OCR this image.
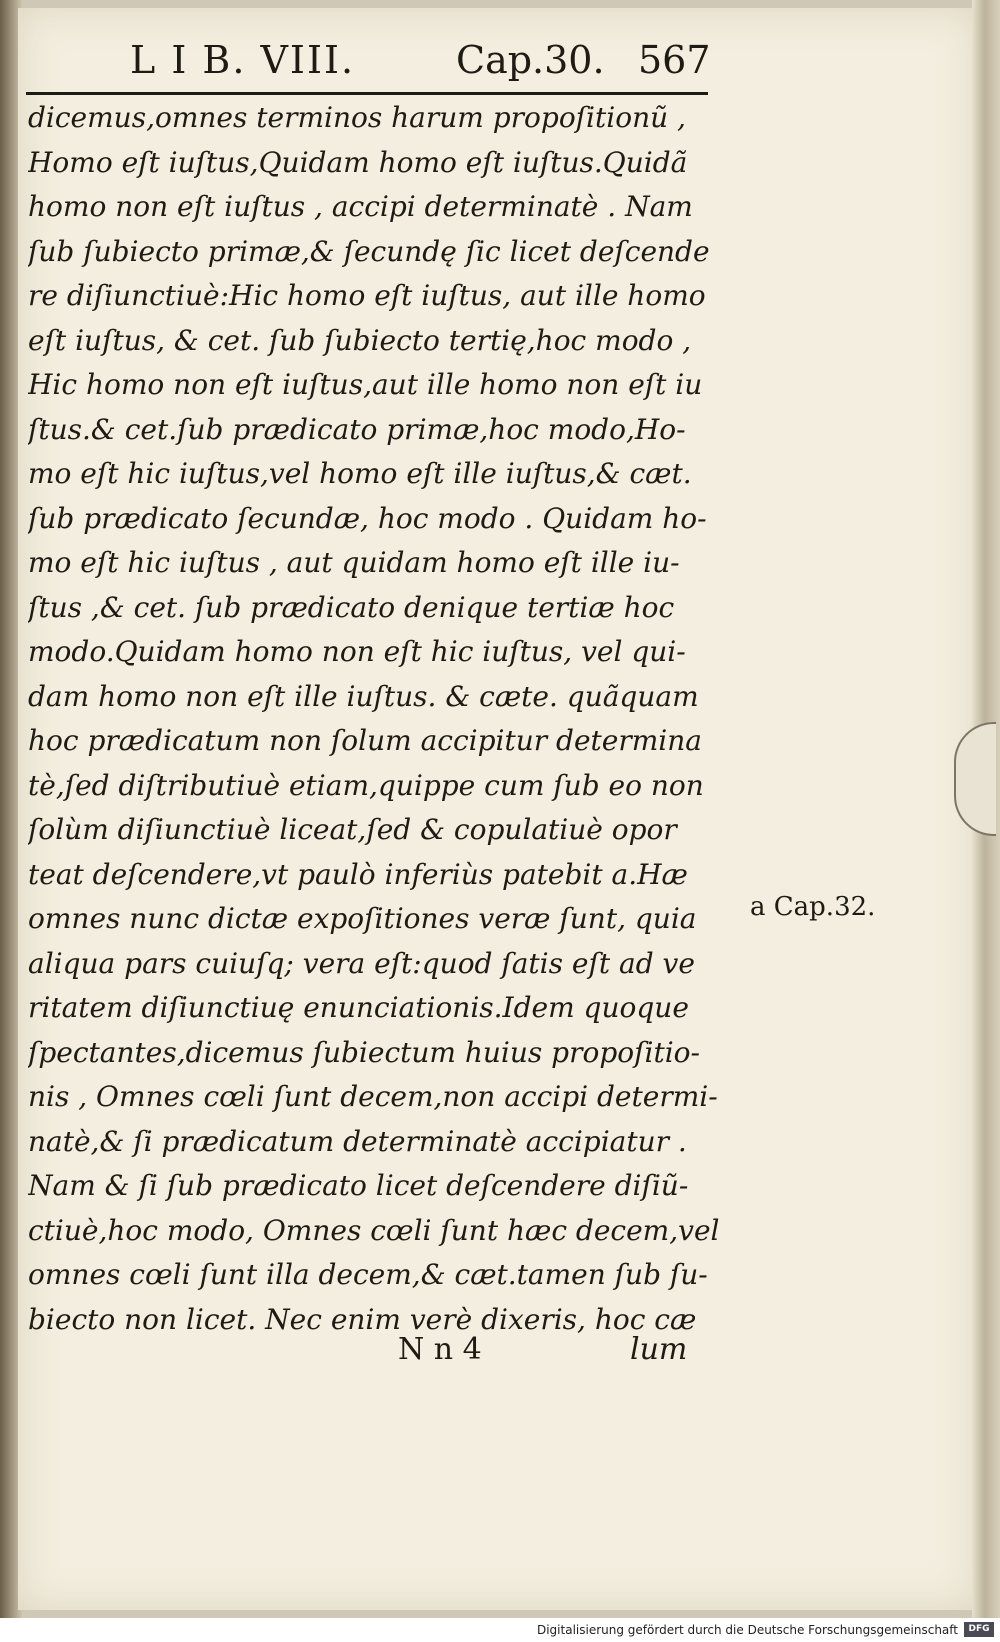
L I B. VIII.	Cap.30. 567
dicemus,omnes terminos harum propoſitionũ ,
Homo eſt iuſtus,Quidam homo eſt iuſtus.Quidã
homo non eſt iuſtus , accipi determinatè . Nam
ſub ſubiecto primæ,& ſecundę ſic licet deſcende
re diſiunctiuè:Hic homo eſt iuſtus, aut ille homo
eſt iuſtus, & cet. ſub ſubiecto tertię,hoc modo ,
Hic homo non eſt iuſtus,aut ille homo non eſt iu
ſtus.& cet.ſub prædicato primæ,hoc modo,Ho-
mo eſt hic iuſtus,vel homo eſt ille iuſtus,& cæt.
ſub prædicato ſecundæ, hoc modo . Quidam ho-
mo eſt hic iuſtus , aut quidam homo eſt ille iu-
ſtus ,& cet. ſub prædicato denique tertiæ hoc
modo.Quidam homo non eſt hic iuſtus, vel qui-
dam homo non eſt ille iuſtus. & cæte. quãquam
hoc prædicatum non ſolum accipitur determina
tè,ſed diſtributiuè etiam,quippe cum ſub eo non
ſolùm diſiunctiuè liceat,ſed & copulatiuè opor
teat deſcendere,vt paulò inferiùs patebit a.Hæ
omnes nunc dictæ expoſitiones veræ ſunt, quia
aliqua pars cuiuſq; vera eſt:quod ſatis eſt ad ve
ritatem diſiunctiuę enunciationis.Idem quoque
ſpectantes,dicemus ſubiectum huius propoſitio-
nis , Omnes cœli ſunt decem,non accipi determi-
natè,& ſi prædicatum determinatè accipiatur .
Nam & ſi ſub prædicato licet deſcendere diſiũ-
ctiuè,hoc modo, Omnes cœli ſunt hæc decem,vel
omnes cœli ſunt illa decem,& cæt.tamen ſub ſu-
biecto non licet. Nec enim verè dixeris, hoc cæ
a Cap.32.
N n 4	lum
Digitalisierung gefördert durch die Deutsche Forschungsgemeinschaft	DFG
